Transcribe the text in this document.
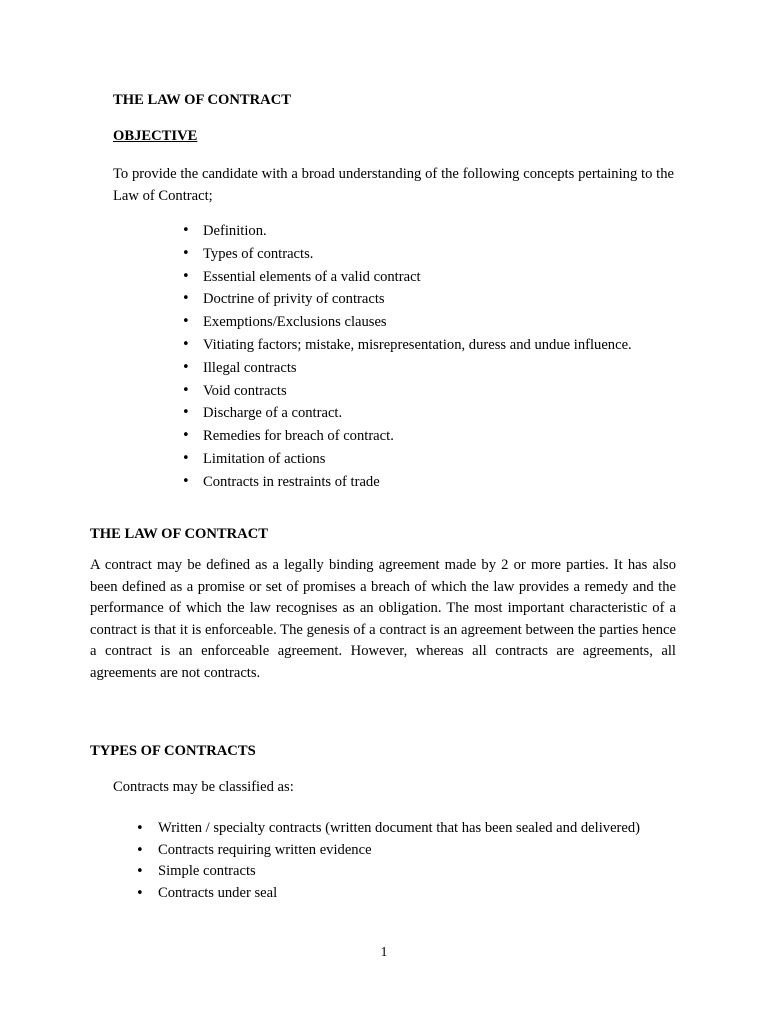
THE LAW OF CONTRACT

OBJECTIVE

To provide the candidate with a broad understanding of the following concepts pertaining to the Law of Contract;

• Definition.
• Types of contracts.
• Essential elements of a valid contract
• Doctrine of privity of contracts
• Exemptions/Exclusions clauses
• Vitiating factors; mistake, misrepresentation, duress and undue influence.
• Illegal contracts
• Void contracts
• Discharge of a contract.
• Remedies for breach of contract.
• Limitation of actions
• Contracts in restraints of trade

THE LAW OF CONTRACT

A contract may be defined as a legally binding agreement made by 2 or more parties. It has also been defined as a promise or set of promises a breach of which the law provides a remedy and the performance of which the law recognises as an obligation. The most important characteristic of a contract is that it is enforceable. The genesis of a contract is an agreement between the parties hence a contract is an enforceable agreement. However, whereas all contracts are agreements, all agreements are not contracts.

TYPES OF CONTRACTS

Contracts may be classified as:

• Written / specialty contracts (written document that has been sealed and delivered)
• Contracts requiring written evidence
• Simple contracts
• Contracts under seal

1
